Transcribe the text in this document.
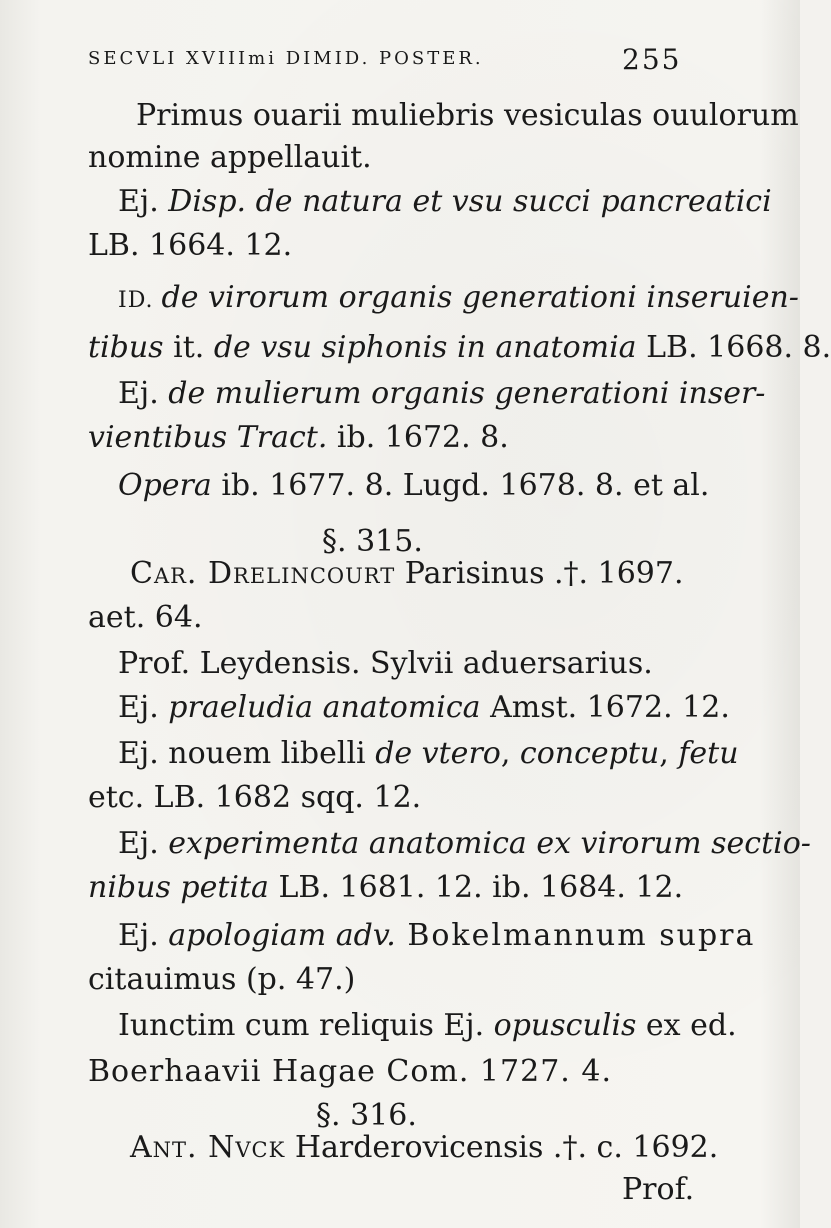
SECVLI XVIIImi DIMID. POSTER.	255
Primus ouarii muliebris vesiculas ouulorum
nomine appellauit.
Ej. Disp. de natura et vsu succi pancreatici
LB. 1664. 12.
ID. de virorum organis generationi inseruien-
tibus it. de vsu siphonis in anatomia LB. 1668. 8.
Ej. de mulierum organis generationi inser-
vientibus Tract. ib. 1672. 8.
Opera ib. 1677. 8. Lugd. 1678. 8. et al.
§. 315.
Car. Drelincourt Parisinus .†. 1697.
aet. 64.
Prof. Leydensis. Sylvii aduersarius.
Ej. praeludia anatomica Amst. 1672. 12.
Ej. nouem libelli de vtero, conceptu, fetu
etc. LB. 1682 sqq. 12.
Ej. experimenta anatomica ex virorum sectio-
nibus petita LB. 1681. 12. ib. 1684. 12.
Ej. apologiam adv. Bokelmannum supra
citauimus (p. 47.)
Iunctim cum reliquis Ej. opusculis ex ed.
Boerhaavii Hagae Com. 1727. 4.
§. 316.
Ant. Nvck Harderovicensis .†. c. 1692.
Prof.
